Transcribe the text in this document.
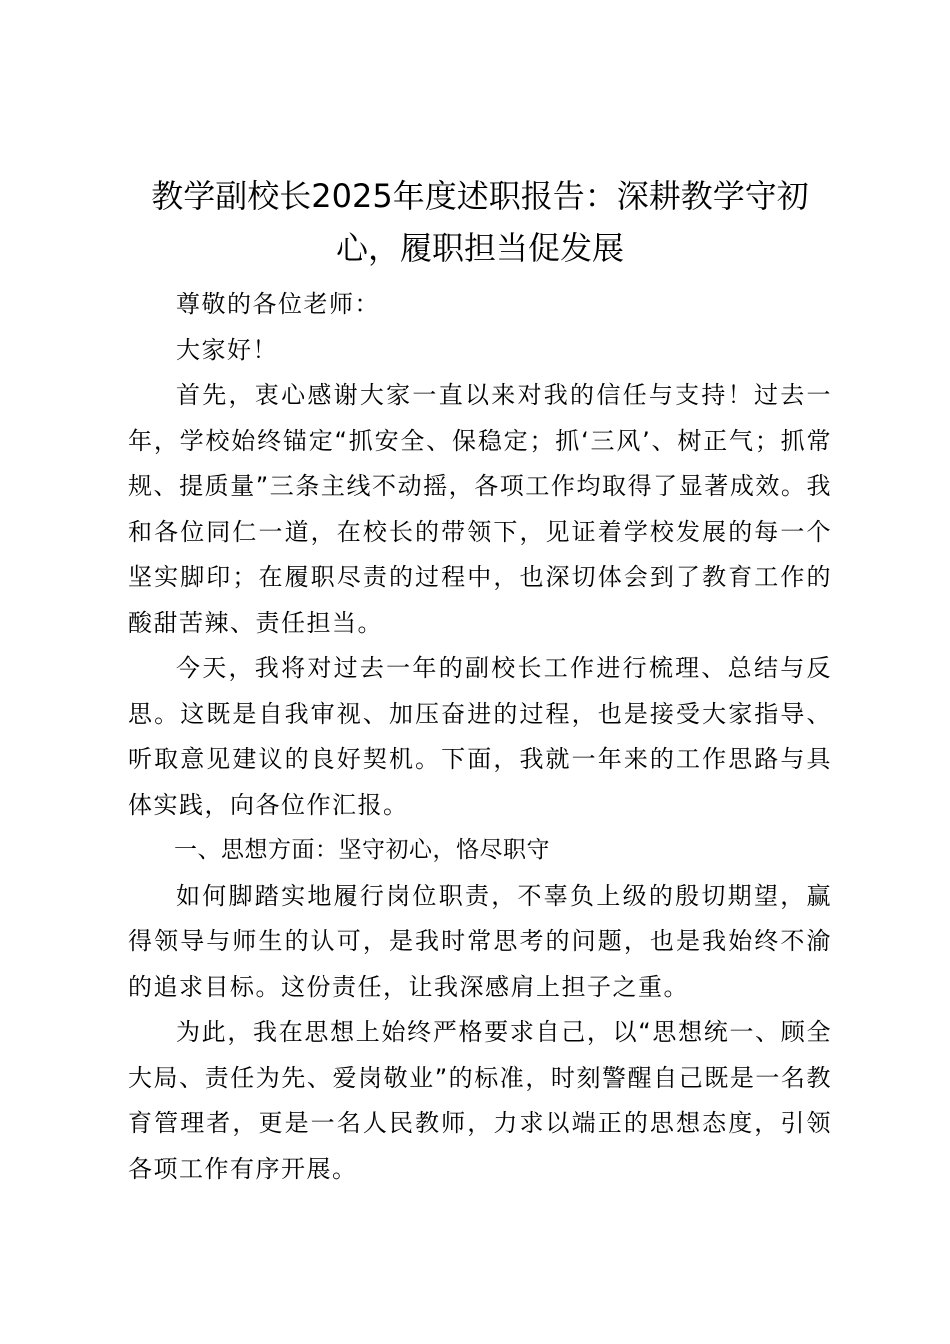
教学副校长2025年度述职报告：深耕教学守初心，履职担当促发展

尊敬的各位老师：

大家好！

首先，衷心感谢大家一直以来对我的信任与支持！过去一年，学校始终锚定“抓安全、保稳定；抓‘三风’、树正气；抓常规、提质量”三条主线不动摇，各项工作均取得了显著成效。我和各位同仁一道，在校长的带领下，见证着学校发展的每一个坚实脚印；在履职尽责的过程中，也深切体会到了教育工作的酸甜苦辣、责任担当。

今天，我将对过去一年的副校长工作进行梳理、总结与反思。这既是自我审视、加压奋进的过程，也是接受大家指导、听取意见建议的良好契机。下面，我就一年来的工作思路与具体实践，向各位作汇报。

一、思想方面：坚守初心，恪尽职守

如何脚踏实地履行岗位职责，不辜负上级的殷切期望，赢得领导与师生的认可，是我时常思考的问题，也是我始终不渝的追求目标。这份责任，让我深感肩上担子之重。

为此，我在思想上始终严格要求自己，以“思想统一、顾全大局、责任为先、爱岗敬业”的标准，时刻警醒自己既是一名教育管理者，更是一名人民教师，力求以端正的思想态度，引领各项工作有序开展。
